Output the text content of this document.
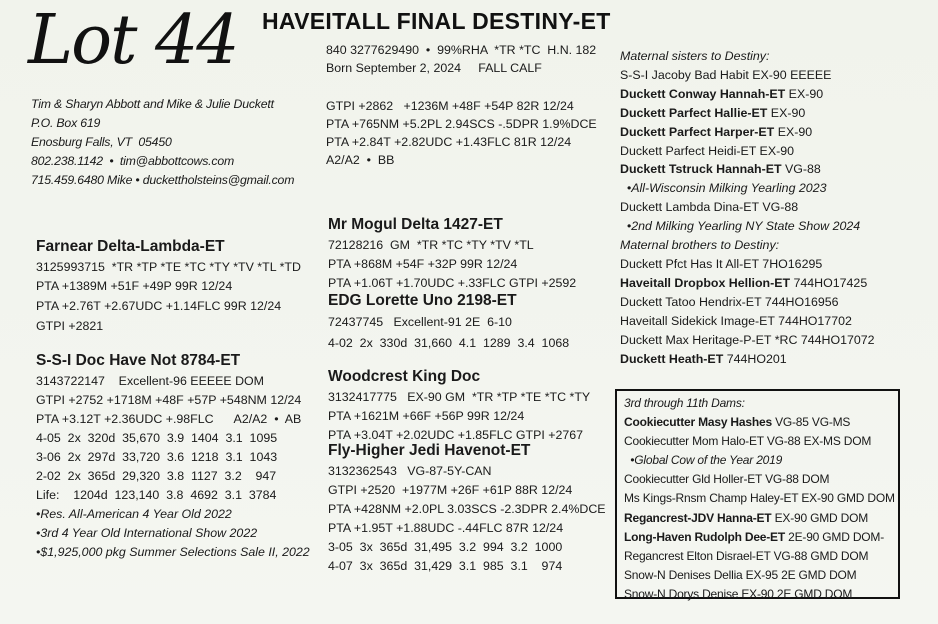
Lot 44 HAVEITALL FINAL DESTINY-ET
Tim & Sharyn Abbott and Mike & Julie Duckett
P.O. Box 619
Enosburg Falls, VT  05450
802.238.1142  •  tim@abbottcows.com
715.459.6480 Mike • duckettholsteins@gmail.com
840 3277629490  •  99%RHA  *TR *TC  H.N. 182
Born September 2, 2024     FALL CALF
GTPI +2862   +1236M +48F +54P 82R 12/24
PTA +765NM +5.2PL 2.94SCS -.5DPR 1.9%DCE
PTA +2.84T +2.82UDC +1.43FLC 81R 12/24
A2/A2  •  BB
Farnear Delta-Lambda-ET
3125993715  *TR *TP *TE *TC *TY *TV *TL *TD
PTA +1389M +51F +49P 99R 12/24
PTA +2.76T +2.67UDC +1.14FLC 99R 12/24
GTPI +2821
S-S-I Doc Have Not 8784-ET
3143722147    Excellent-96 EEEEE DOM
GTPI +2752 +1718M +48F +57P +548NM 12/24
PTA +3.12T +2.36UDC +.98FLC      A2/A2  •  AB
4-05  2x  320d  35,670  3.9  1404  3.1  1095
3-06  2x  297d  33,720  3.6  1218  3.1  1043
2-02  2x  365d  29,320  3.8  1127  3.2    947
Life:    1204d  123,140  3.8  4692  3.1  3784
•Res. All-American 4 Year Old 2022
•3rd 4 Year Old International Show 2022
•$1,925,000 pkg Summer Selections Sale II, 2022
Mr Mogul Delta 1427-ET
72128216  GM  *TR *TC *TY *TV *TL
PTA +868M +54F +32P 99R 12/24
PTA +1.06T +1.70UDC +.33FLC GTPI +2592
EDG Lorette Uno 2198-ET
72437745   Excellent-91 2E  6-10
4-02  2x  330d  31,660  4.1  1289  3.4  1068
Woodcrest King Doc
3132417775   EX-90 GM  *TR *TP *TE *TC *TY
PTA +1621M +66F +56P 99R 12/24
PTA +3.04T +2.02UDC +1.85FLC GTPI +2767
Fly-Higher Jedi Havenot-ET
3132362543   VG-87-5Y-CAN
GTPI +2520  +1977M +26F +61P 88R 12/24
PTA +428NM +2.0PL 3.03SCS -2.3DPR 2.4%DCE
PTA +1.95T +1.88UDC -.44FLC 87R 12/24
3-05  3x  365d  31,495  3.2  994  3.2  1000
4-07  3x  365d  31,429  3.1  985  3.1    974
Maternal sisters to Destiny:
S-S-I Jacoby Bad Habit EX-90 EEEEE
Duckett Conway Hannah-ET EX-90
Duckett Parfect Hallie-ET EX-90
Duckett Parfect Harper-ET EX-90
Duckett Parfect Heidi-ET EX-90
Duckett Tstruck Hannah-ET VG-88
•All-Wisconsin Milking Yearling 2023
Duckett Lambda Dina-ET VG-88
•2nd Milking Yearling NY State Show 2024
Maternal brothers to Destiny:
Duckett Pfct Has It All-ET 7HO16295
Haveitall Dropbox Hellion-ET 744HO17425
Duckett Tatoo Hendrix-ET 744HO16956
Haveitall Sidekick Image-ET 744HO17702
Duckett Max Heritage-P-ET *RC 744HO17072
Duckett Heath-ET 744HO201
3rd through 11th Dams:
Cookiecutter Masy Hashes VG-85 VG-MS
Cookiecutter Mom Halo-ET VG-88 EX-MS DOM
•Global Cow of the Year 2019
Cookiecutter Gld Holler-ET VG-88 DOM
Ms Kings-Rnsm Champ Haley-ET EX-90 GMD DOM
Regancrest-JDV Hanna-ET EX-90 GMD DOM
Long-Haven Rudolph Dee-ET 2E-90 GMD DOM-
Regancrest Elton Disrael-ET VG-88 GMD DOM
Snow-N Denises Dellia EX-95 2E GMD DOM
Snow-N Dorys Denise EX-90 2E GMD DOM
